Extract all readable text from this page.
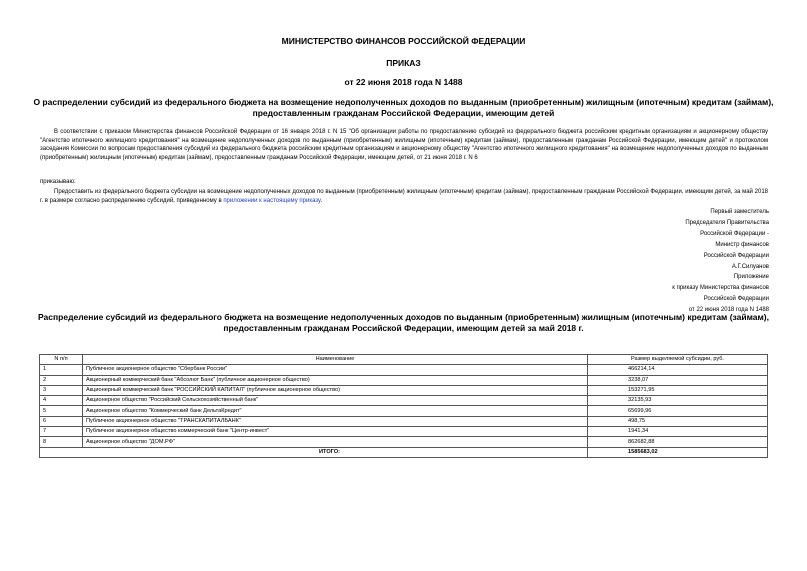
МИНИСТЕРСТВО ФИНАНСОВ РОССИЙСКОЙ ФЕДЕРАЦИИ
ПРИКАЗ
от 22 июня 2018 года N 1488
О распределении субсидий из федерального бюджета на возмещение недополученных доходов по выданным (приобретенным) жилищным (ипотечным) кредитам (займам), предоставленным гражданам Российской Федерации, имеющим детей
В соответствии с приказом Министерства финансов Российской Федерации от 16 января 2018 г. N 15 "Об организации работы по предоставлению субсидий из федерального бюджета российским кредитным организациям и акционерному обществу "Агентство ипотечного жилищного кредитования" на возмещение недополученных доходов по выданным (приобретенным) жилищным (ипотечным) кредитам (займам), предоставленным гражданам Российской Федерации, имеющим детей" и протоколом заседания Комиссии по вопросам предоставления субсидий из федерального бюджета российским кредитным организациям и акционерному обществу "Агентство ипотечного жилищного кредитования" на возмещение недополученных доходов по выданным (приобретенным) жилищным (ипотечным) кредитам (займам), предоставленным гражданам Российской Федерации, имеющим детей, от 21 июня 2018 г. N 6
приказываю:
Предоставить из федерального бюджета субсидии на возмещение недополученных доходов по выданным (приобретенным) жилищным (ипотечным) кредитам (займам), предоставленным гражданам Российской Федерации, имеющим детей, за май 2018 г. в размере согласно распределению субсидий, приведенному в приложении к настоящему приказу.
Первый заместитель
Председателя Правительства
Российской Федерации -
Министр финансов
Российской Федерации
А.Г.Силуанов
Приложение
к приказу Министерства финансов
Российской Федерации
от 22 июня 2018 года N 1488
Распределение субсидий из федерального бюджета на возмещение недополученных доходов по выданным (приобретенным) жилищным (ипотечным) кредитам (займам), предоставленным гражданам Российской Федерации, имеющим детей за май 2018 г.
N п/п	Наименование	Размер выделяемой субсидии, руб.
1	Публичное акционерное общество "Сбербанк России"	466214,14
2	Акционерный коммерческий банк "Абсолют Банк" (публичное акционерное общество)	3238,07
3	Акционерный коммерческий банк "РОССИЙСКИЙ КАПИТАЛ" (публичное акционерное общество)	153271,95
4	Акционерное общество "Российский Сельскохозяйственный банк"	32135,93
5	Акционерное общество "Коммерческий банк ДельтаКредит"	65699,96
6	Публичное акционерное общество "ТРАНСКАПИТАЛБАНК"	498,75
7	Публичное акционерное общество коммерческий банк "Центр-инвест"	1941,34
8	Акционерное общество "ДОМ.РФ"	862682,88
ИТОГО:		1585683,02
